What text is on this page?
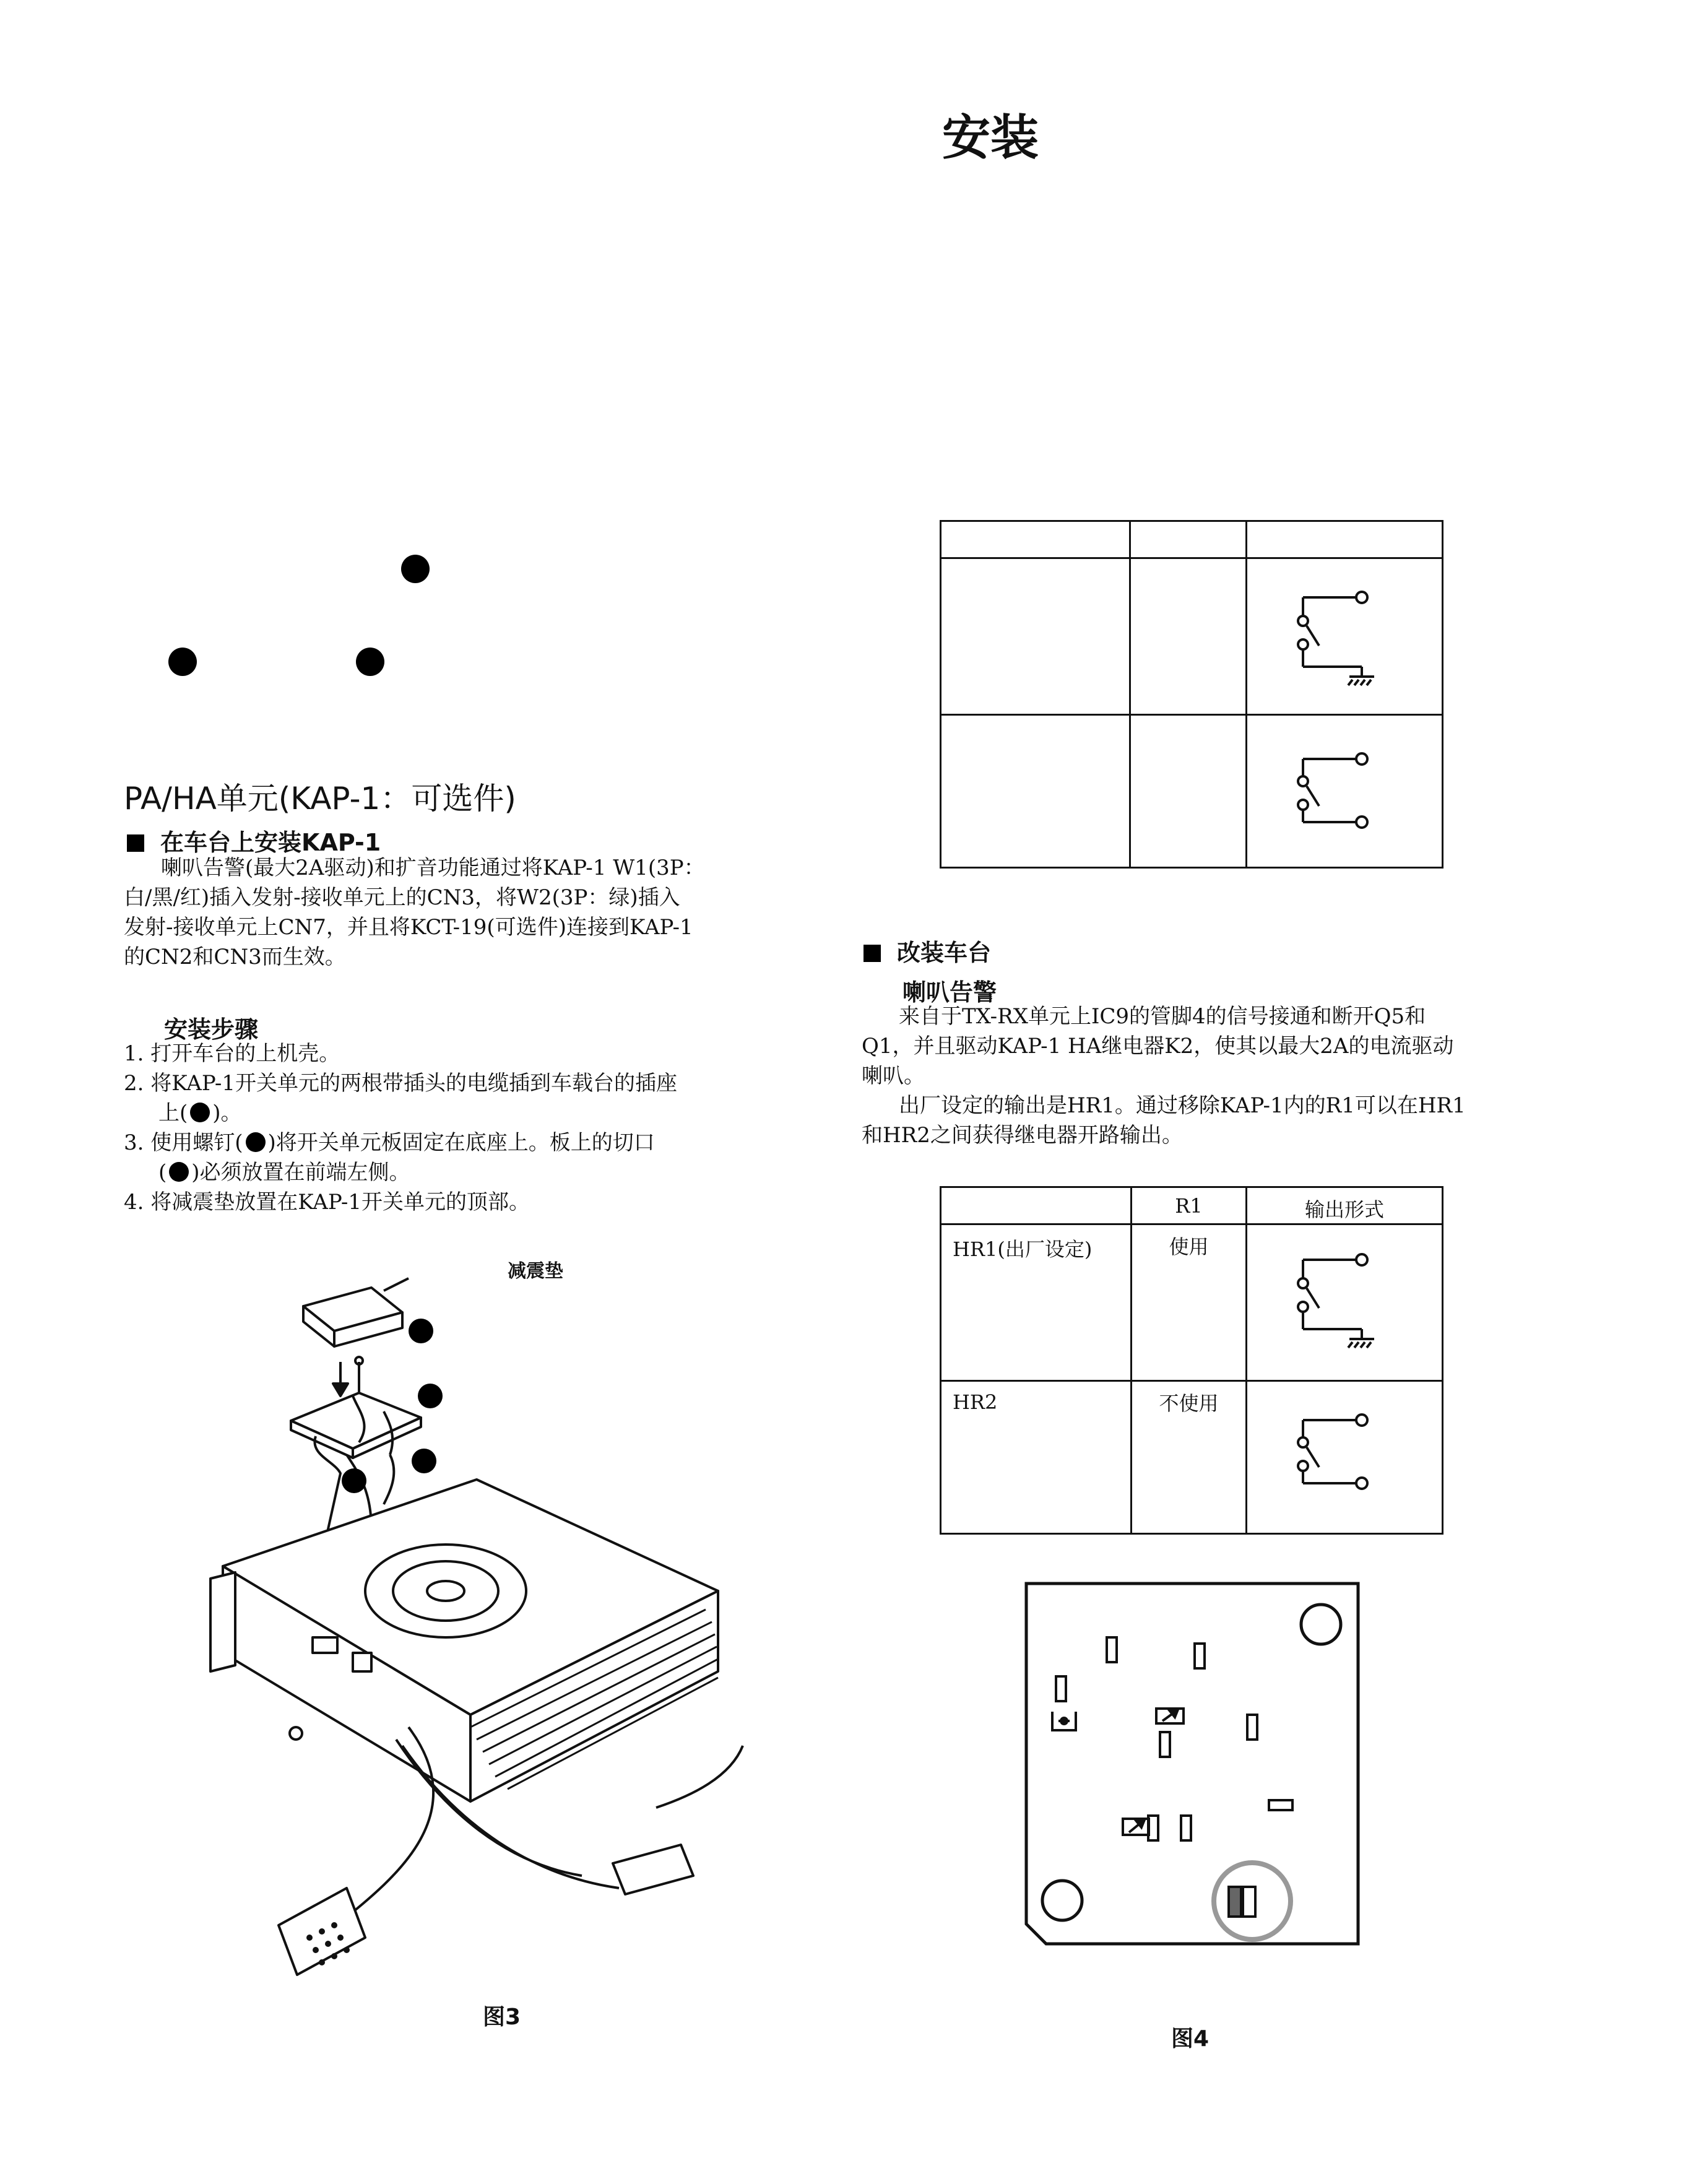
安装
PA/HA单元(KAP-1：可选件)
在车台上安装KAP-1
喇叭告警(最大2A驱动)和扩音功能通过将KAP-1 W1(3P：
白/黑/红)插入发射-接收单元上的CN3，将W2(3P：绿)插入
发射-接收单元上CN7，并且将KCT-19(可选件)连接到KAP-1
的CN2和CN3而生效。
安装步骤
1. 打开车台的上机壳。
2. 将KAP-1开关单元的两根带插头的电缆插到车载台的插座
上( )。
3. 使用螺钉( )将开关单元板固定在底座上。板上的切口
( )必须放置在前端左侧。
4. 将减震垫放置在KAP-1开关单元的顶部。
减震垫
图3

改装车台
喇叭告警
来自于TX-RX单元上IC9的管脚4的信号接通和断开Q5和
Q1，并且驱动KAP-1 HA继电器K2，使其以最大2A的电流驱动
喇叭。
出厂设定的输出是HR1。通过移除KAP-1内的R1可以在HR1
和HR2之间获得继电器开路输出。

	R1	输出形式

HR1(出厂设定)	使用

HR2	不使用

图4
